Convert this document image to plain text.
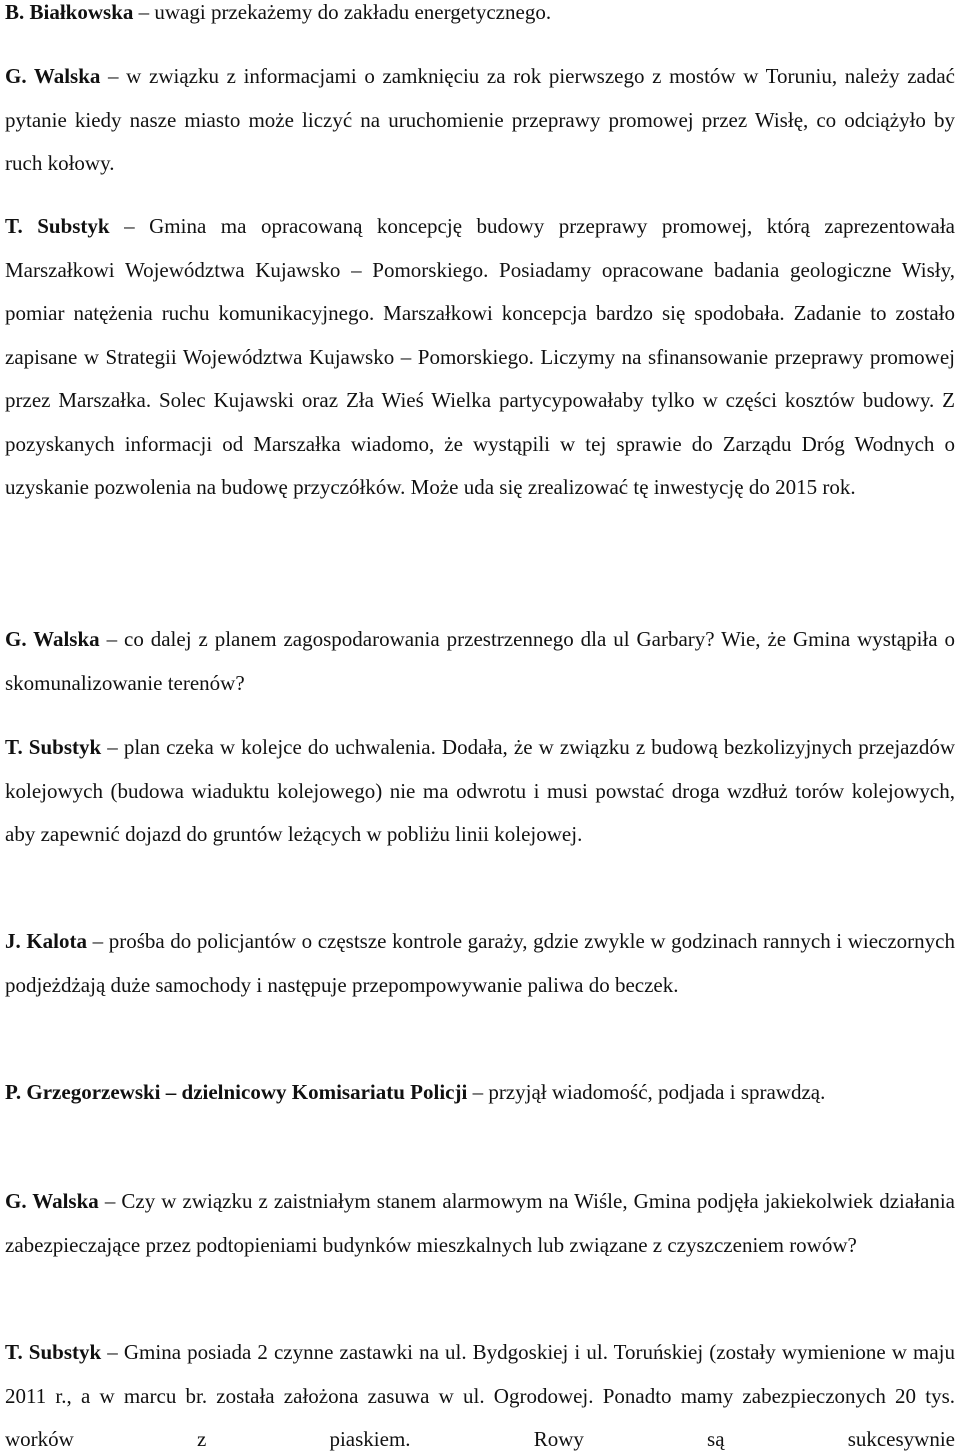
B. Białkowska – uwagi przekażemy do zakładu energetycznego.

G. Walska – w związku z informacjami o zamknięciu za rok pierwszego z mostów w Toruniu, należy zadać pytanie kiedy nasze miasto może liczyć na uruchomienie przeprawy promowej przez Wisłę, co odciążyło by ruch kołowy.

T. Substyk – Gmina ma opracowaną koncepcję budowy przeprawy promowej, którą zaprezentowała Marszałkowi Województwa Kujawsko – Pomorskiego. Posiadamy opracowane badania geologiczne Wisły, pomiar natężenia ruchu komunikacyjnego. Marszałkowi koncepcja bardzo się spodobała. Zadanie to zostało zapisane w Strategii Województwa Kujawsko – Pomorskiego. Liczymy na sfinansowanie przeprawy promowej przez Marszałka. Solec Kujawski oraz Zła Wieś Wielka partycypowałaby tylko w części kosztów budowy. Z pozyskanych informacji od Marszałka wiadomo, że wystąpili w tej sprawie do Zarządu Dróg Wodnych o uzyskanie pozwolenia na budowę przyczółków. Może uda się zrealizować tę inwestycję do 2015 rok.

G. Walska – co dalej z planem zagospodarowania przestrzennego dla ul Garbary? Wie, że Gmina wystąpiła o skomunalizowanie terenów?

T. Substyk – plan czeka w kolejce do uchwalenia. Dodała, że w związku z budową bezkolizyjnych przejazdów kolejowych (budowa wiaduktu kolejowego) nie ma odwrotu i musi powstać droga wzdłuż torów kolejowych, aby zapewnić dojazd do gruntów leżących w pobliżu linii kolejowej.

J. Kalota – prośba do policjantów o częstsze kontrole garaży, gdzie zwykle w godzinach rannych i wieczornych podjeżdżają duże samochody i następuje przepompowywanie paliwa do beczek.

P. Grzegorzewski – dzielnicowy Komisariatu Policji – przyjął wiadomość, podjada i sprawdzą.

G. Walska – Czy w związku z zaistniałym stanem alarmowym na Wiśle, Gmina podjęła jakiekolwiek działania zabezpieczające przez podtopieniami budynków mieszkalnych lub związane z czyszczeniem rowów?

T. Substyk – Gmina posiada 2 czynne zastawki na ul. Bydgoskiej i ul. Toruńskiej (zostały wymienione w maju 2011 r., a w marcu br. została założona zasuwa w ul. Ogrodowej. Ponadto mamy zabezpieczonych 20 tys. worków z piaskiem. Rowy są sukcesywnie
